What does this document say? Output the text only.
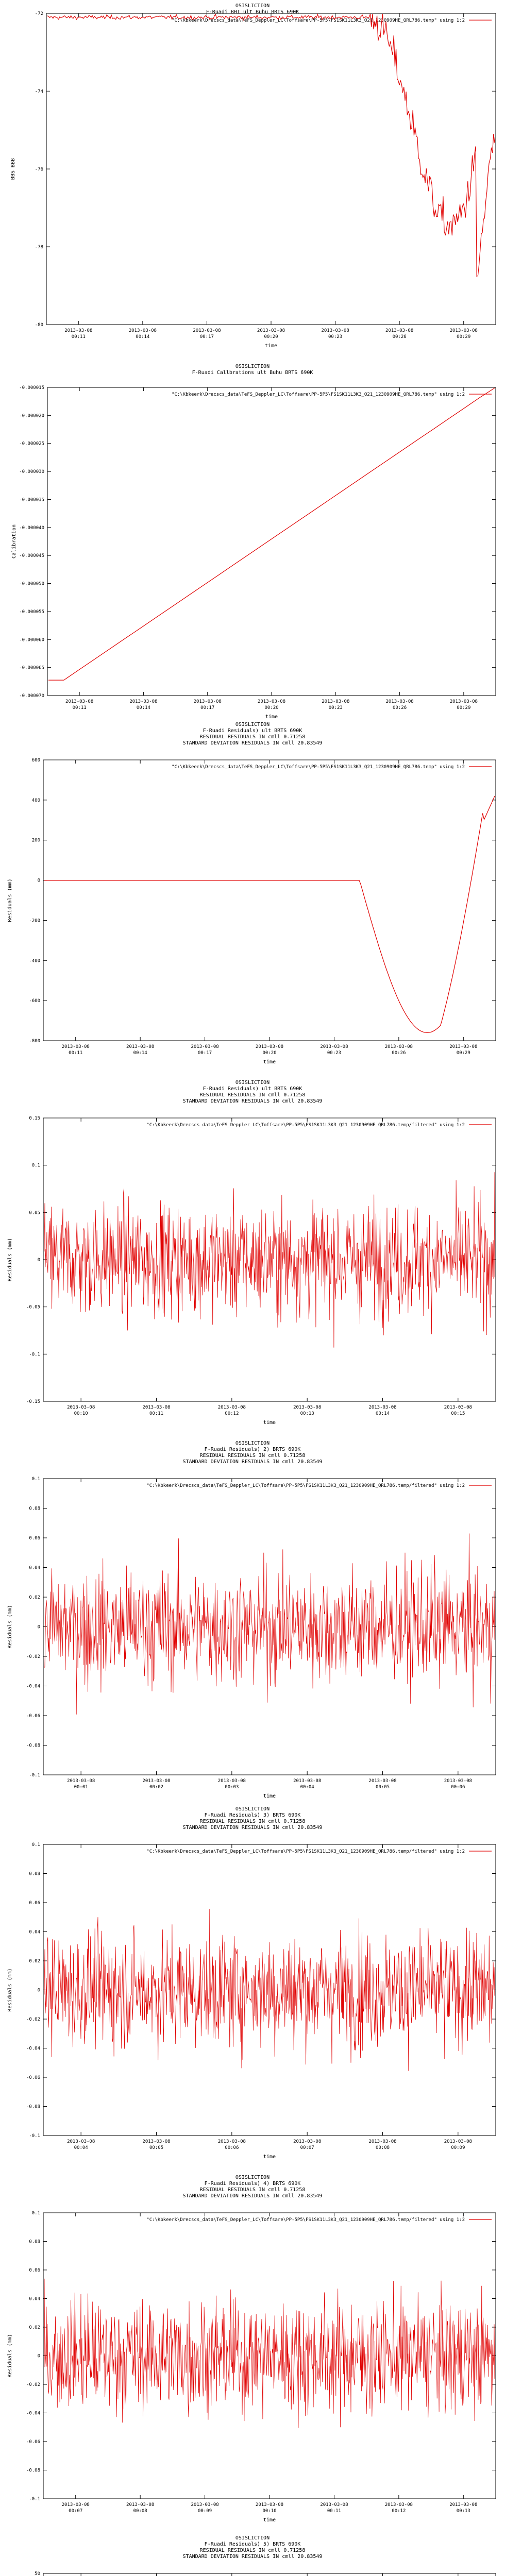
OSISLICTION
F-Ruadi BHI ult Buhu BRTS 690K
"C:\Kbkeerk\Drecscs_data\TeFS_Deppler_LC\Toffsare\PP-5P5\FS1SK11L3K3_Q21_1230909HE_QRL786.temp" using 1:2
-72
-74
-76
-78
-80
2013-03-08
00:11
2013-03-08
00:14
2013-03-08
00:17
2013-03-08
00:20
2013-03-08
00:23
2013-03-08
00:26
2013-03-08
00:29
time
BBS BBB
OSISLICTION
F-Ruadi Callbrations ult Buhu BRTS 690K
"C:\Kbkeerk\Drecscs_data\TeFS_Deppler_LC\Toffsare\PP-5P5\FS1SK11L3K3_Q21_1230909HE_QRL786.temp" using 1:2
-0.000015
-0.000020
-0.000025
-0.000030
-0.000035
-0.000040
-0.000045
-0.000050
-0.000055
-0.000060
-0.000065
-0.000070
2013-03-08
00:11
2013-03-08
00:14
2013-03-08
00:17
2013-03-08
00:20
2013-03-08
00:23
2013-03-08
00:26
2013-03-08
00:29
time
Calibration
OSISLICTION
F-Ruadi Residuals) ult BRTS 690K
RESIDUAL RESIDUALS IN cmll 0.71258
STANDARD DEVIATION RESIDUALS IN cmll 20.83549
"C:\Kbkeerk\Drecscs_data\TeFS_Deppler_LC\Toffsare\PP-5P5\FS1SK11L3K3_Q21_1230909HE_QRL786.temp" using 1:2
600
400
200
0
-200
-400
-600
-800
2013-03-08
00:11
2013-03-08
00:14
2013-03-08
00:17
2013-03-08
00:20
2013-03-08
00:23
2013-03-08
00:26
2013-03-08
00:29
time
Residuals (mm)
OSISLICTION
F-Ruadi Residuals) ult BRTS 690K
RESIDUAL RESIDUALS IN cmll 0.71258
STANDARD DEVIATION RESIDUALS IN cmll 20.83549
"C:\Kbkeerk\Drecscs_data\TeFS_Deppler_LC\Toffsare\PP-5P5\FS1SK11L3K3_Q21_1230909HE_QRL786.temp/filtered" using 1:2
0.15
0.1
0.05
0
-0.05
-0.1
-0.15
2013-03-08
00:10
2013-03-08
00:11
2013-03-08
00:12
2013-03-08
00:13
2013-03-08
00:14
2013-03-08
00:15
time
Residuals (mm)
OSISLICTION
F-Ruadi Residuals) 2) BRTS 690K
RESIDUAL RESIDUALS IN cmll 0.71258
STANDARD DEVIATION RESIDUALS IN cmll 20.83549
"C:\Kbkeerk\Drecscs_data\TeFS_Deppler_LC\Toffsare\PP-5P5\FS1SK11L3K3_Q21_1230909HE_QRL786.temp/filtered" using 1:2
0.1
0.08
0.06
0.04
0.02
0
-0.02
-0.04
-0.06
-0.08
-0.1
2013-03-08
00:01
2013-03-08
00:02
2013-03-08
00:03
2013-03-08
00:04
2013-03-08
00:05
2013-03-08
00:06
time
Residuals (mm)
OSISLICTION
F-Ruadi Residuals) 3) BRTS 690K
RESIDUAL RESIDUALS IN cmll 0.71258
STANDARD DEVIATION RESIDUALS IN cmll 20.83549
"C:\Kbkeerk\Drecscs_data\TeFS_Deppler_LC\Toffsare\PP-5P5\FS1SK11L3K3_Q21_1230909HE_QRL786.temp/filtered" using 1:2
0.1
0.08
0.06
0.04
0.02
0
-0.02
-0.04
-0.06
-0.08
-0.1
2013-03-08
00:04
2013-03-08
00:05
2013-03-08
00:06
2013-03-08
00:07
2013-03-08
00:08
2013-03-08
00:09
time
Residuals (mm)
OSISLICTION
F-Ruadi Residuals) 4) BRTS 690K
RESIDUAL RESIDUALS IN cmll 0.71258
STANDARD DEVIATION RESIDUALS IN cmll 20.83549
"C:\Kbkeerk\Drecscs_data\TeFS_Deppler_LC\Toffsare\PP-5P5\FS1SK11L3K3_Q21_1230909HE_QRL786.temp/filtered" using 1:2
0.1
0.08
0.06
0.04
0.02
0
-0.02
-0.04
-0.06
-0.08
-0.1
2013-03-08
00:07
2013-03-08
00:08
2013-03-08
00:09
2013-03-08
00:10
2013-03-08
00:11
2013-03-08
00:12
2013-03-08
00:13
time
Residuals (mm)
OSISLICTION
F-Ruadi Residuals) 5) BRTS 690K
RESIDUAL RESIDUALS IN cmll 0.71258
STANDARD DEVIATION RESIDUALS IN cmll 20.83549
50
